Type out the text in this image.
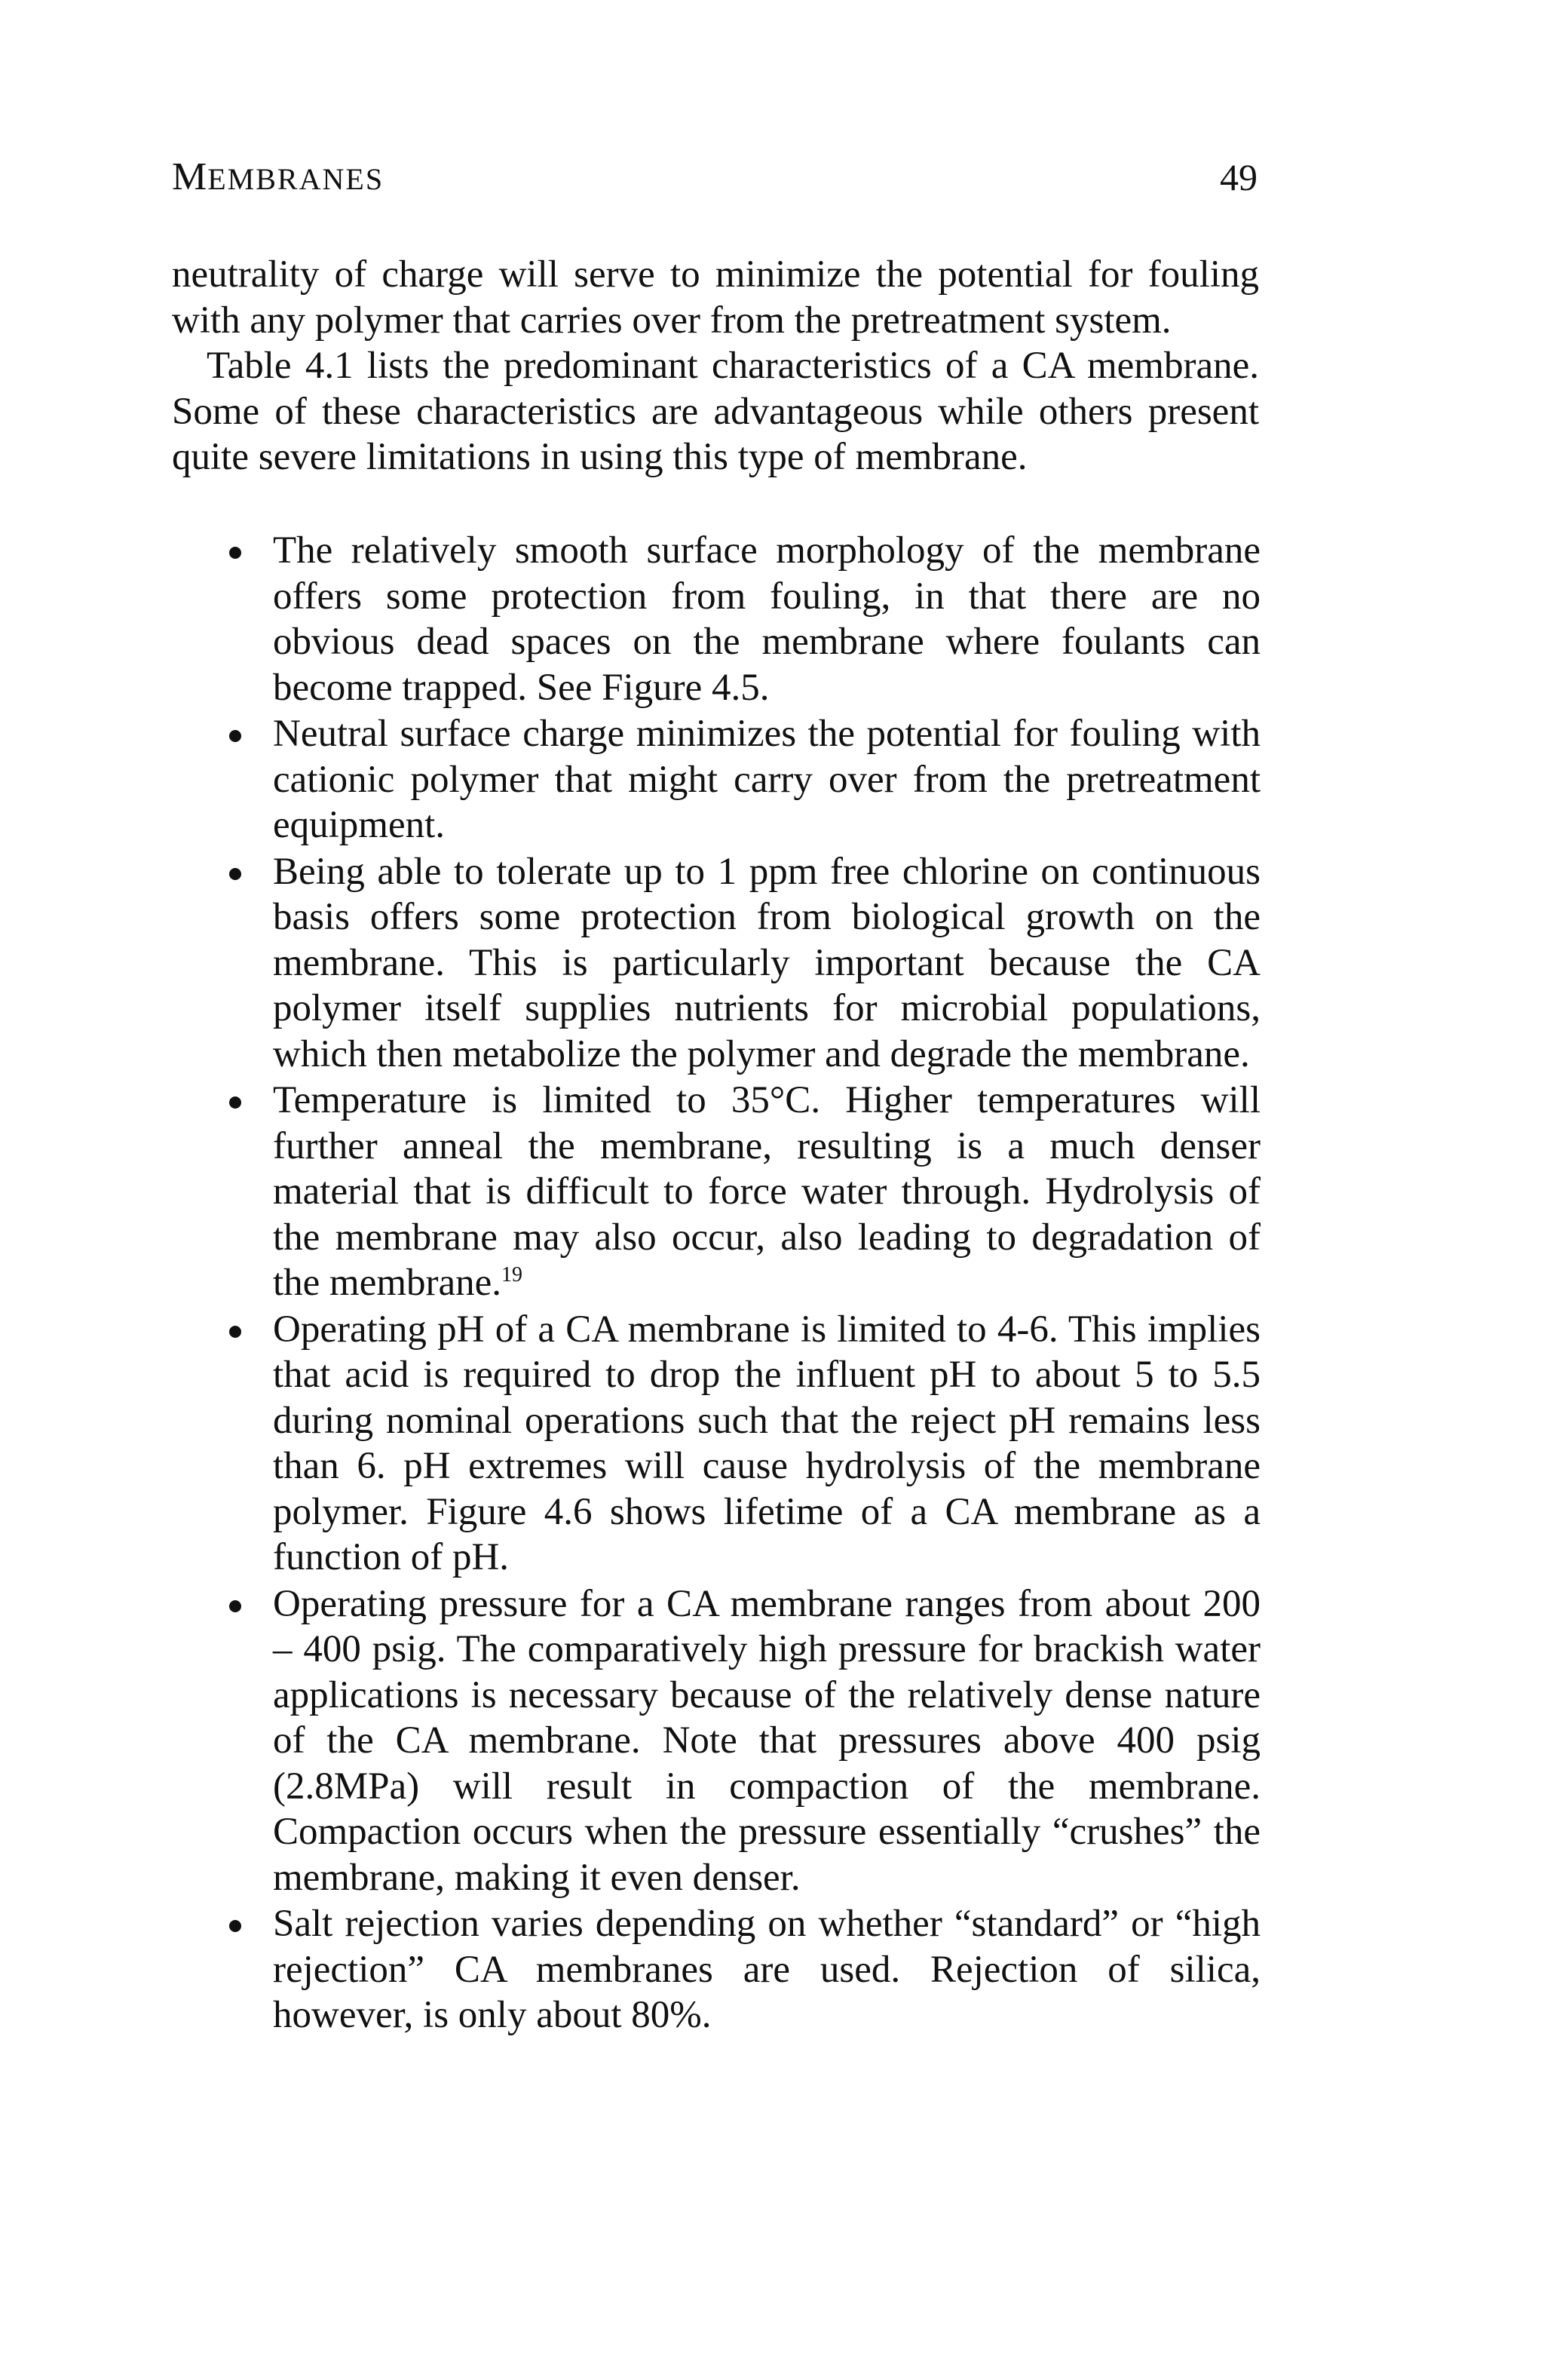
MEMBRANES	49

neutrality of charge will serve to minimize the potential for fouling with any polymer that carries over from the pretreatment system.

Table 4.1 lists the predominant characteristics of a CA membrane. Some of these characteristics are advantageous while others present quite severe limitations in using this type of membrane.

The relatively smooth surface morphology of the membrane offers some protection from fouling, in that there are no obvious dead spaces on the membrane where foulants can become trapped. See Figure 4.5.
Neutral surface charge minimizes the potential for fouling with cationic polymer that might carry over from the pretreatment equipment.
Being able to tolerate up to 1 ppm free chlorine on continuous basis offers some protection from biological growth on the membrane. This is particularly important because the CA polymer itself supplies nutrients for microbial populations, which then metabolize the polymer and degrade the membrane.
Temperature is limited to 35°C. Higher temperatures will further anneal the membrane, resulting is a much denser material that is difficult to force water through. Hydrolysis of the membrane may also occur, also leading to degradation of the membrane.$^{19}$
Operating pH of a CA membrane is limited to 4-6. This implies that acid is required to drop the influent pH to about 5 to 5.5 during nominal operations such that the reject pH remains less than 6. pH extremes will cause hydrolysis of the membrane polymer. Figure 4.6 shows lifetime of a CA membrane as a function of pH.
Operating pressure for a CA membrane ranges from about 200 – 400 psig. The comparatively high pressure for brackish water applications is necessary because of the relatively dense nature of the CA membrane. Note that pressures above 400 psig (2.8MPa) will result in compaction of the membrane. Compaction occurs when the pressure essentially “crushes” the membrane, making it even denser.
Salt rejection varies depending on whether “standard” or “high rejection” CA membranes are used. Rejection of silica, however, is only about 80%.
